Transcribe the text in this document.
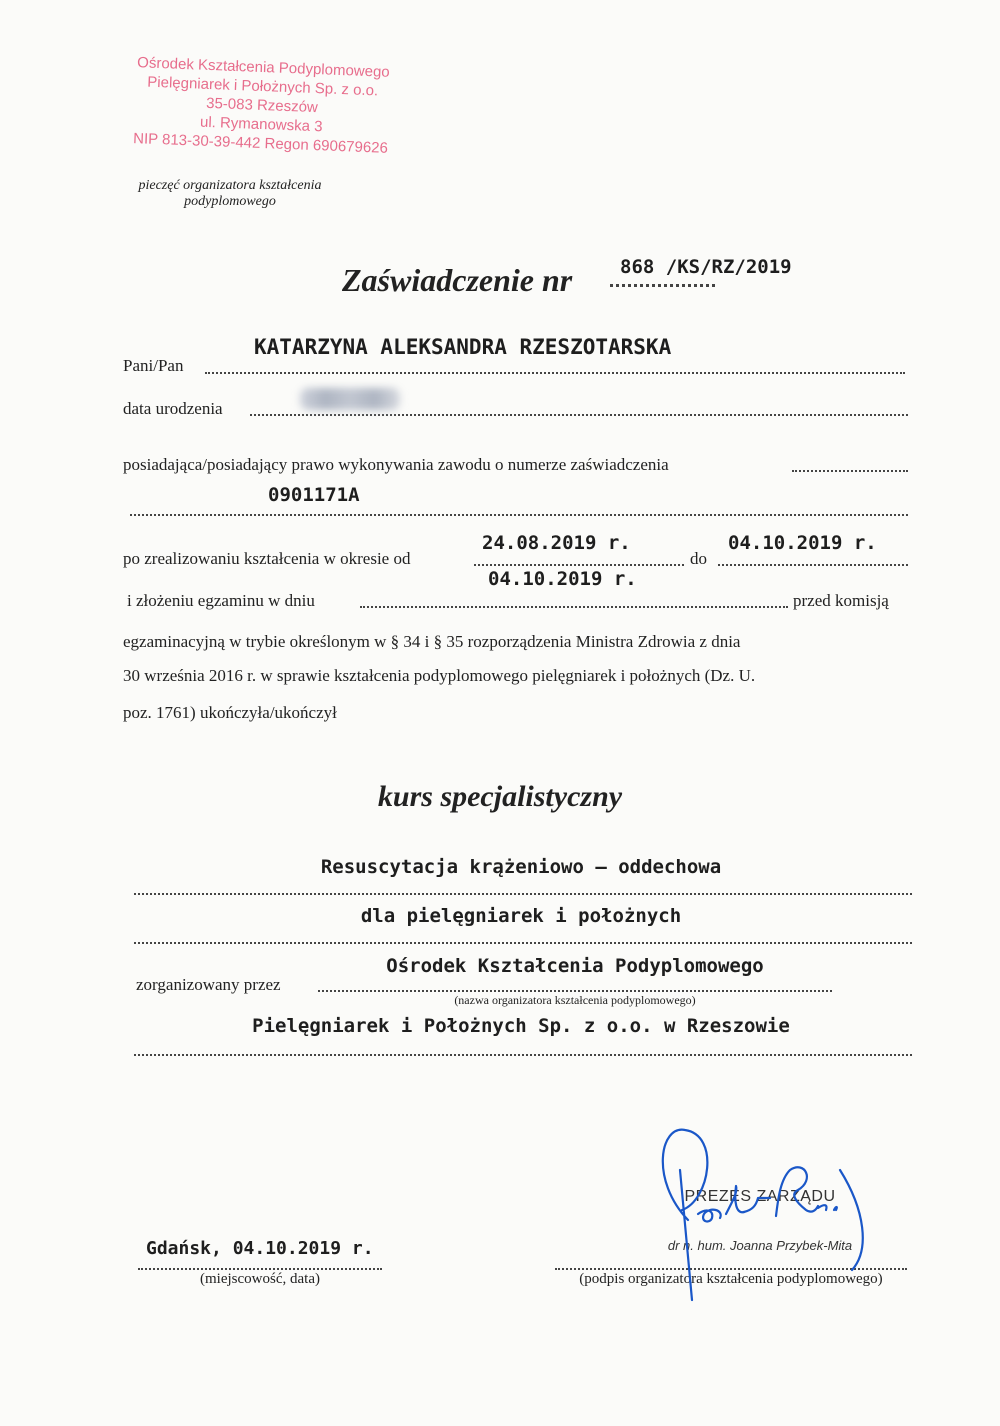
Ośrodek Kształcenia Podyplomowego
Pielęgniarek i Położnych Sp. z o.o.
35-083 Rzeszów
ul. Rymanowska 3
NIP 813-30-39-442 Regon 690679626
pieczęć organizatora kształcenia
podyplomowego
Zaświadczenie nr	868 /KS/RZ/2019
Pani/Pan
KATARZYNA ALEKSANDRA RZESZOTARSKA
data urodzenia
posiadająca/posiadający prawo wykonywania zawodu o numerze zaświadczenia
0901171A
po zrealizowaniu kształcenia w okresie od
24.08.2019 r.
do
04.10.2019 r.
i złożeniu egzaminu w dniu
04.10.2019 r.
przed komisją
egzaminacyjną w trybie określonym w § 34 i § 35 rozporządzenia Ministra Zdrowia z dnia
30 września 2016 r. w sprawie kształcenia podyplomowego pielęgniarek i położnych (Dz. U.
poz. 1761) ukończyła/ukończył
kurs specjalistyczny
Resuscytacja krążeniowo – oddechowa
dla pielęgniarek i położnych
zorganizowany przez
Ośrodek Kształcenia Podyplomowego
(nazwa organizatora kształcenia podyplomowego)
Pielęgniarek i Położnych Sp. z o.o. w Rzeszowie
Gdańsk, 04.10.2019 r.
(miejscowość, data)
PREZES ZARZĄDU
dr n. hum. Joanna Przybek-Mita
(podpis organizatora kształcenia podyplomowego)
